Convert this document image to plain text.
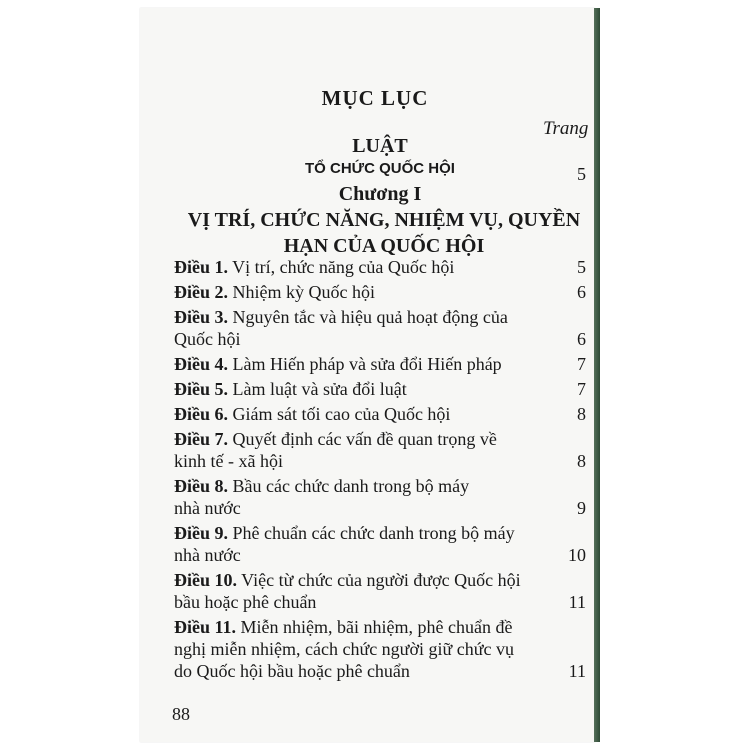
MỤC LỤC
Trang
LUẬT
TỔ CHỨC QUỐC HỘI	5
Chương I
VỊ TRÍ, CHỨC NĂNG, NHIỆM VỤ, QUYỀN
HẠN CỦA QUỐC HỘI
Điều 1. Vị trí, chức năng của Quốc hội	5
Điều 2. Nhiệm kỳ Quốc hội	6
Điều 3. Nguyên tắc và hiệu quả hoạt động của
Quốc hội	6
Điều 4. Làm Hiến pháp và sửa đổi Hiến pháp	7
Điều 5. Làm luật và sửa đổi luật	7
Điều 6. Giám sát tối cao của Quốc hội	8
Điều 7. Quyết định các vấn đề quan trọng về
kinh tế - xã hội	8
Điều 8. Bầu các chức danh trong bộ máy
nhà nước	9
Điều 9. Phê chuẩn các chức danh trong bộ máy
nhà nước	10
Điều 10. Việc từ chức của người được Quốc hội
bầu hoặc phê chuẩn	11
Điều 11. Miễn nhiệm, bãi nhiệm, phê chuẩn đề
nghị miễn nhiệm, cách chức người giữ chức vụ
do Quốc hội bầu hoặc phê chuẩn	11
88
